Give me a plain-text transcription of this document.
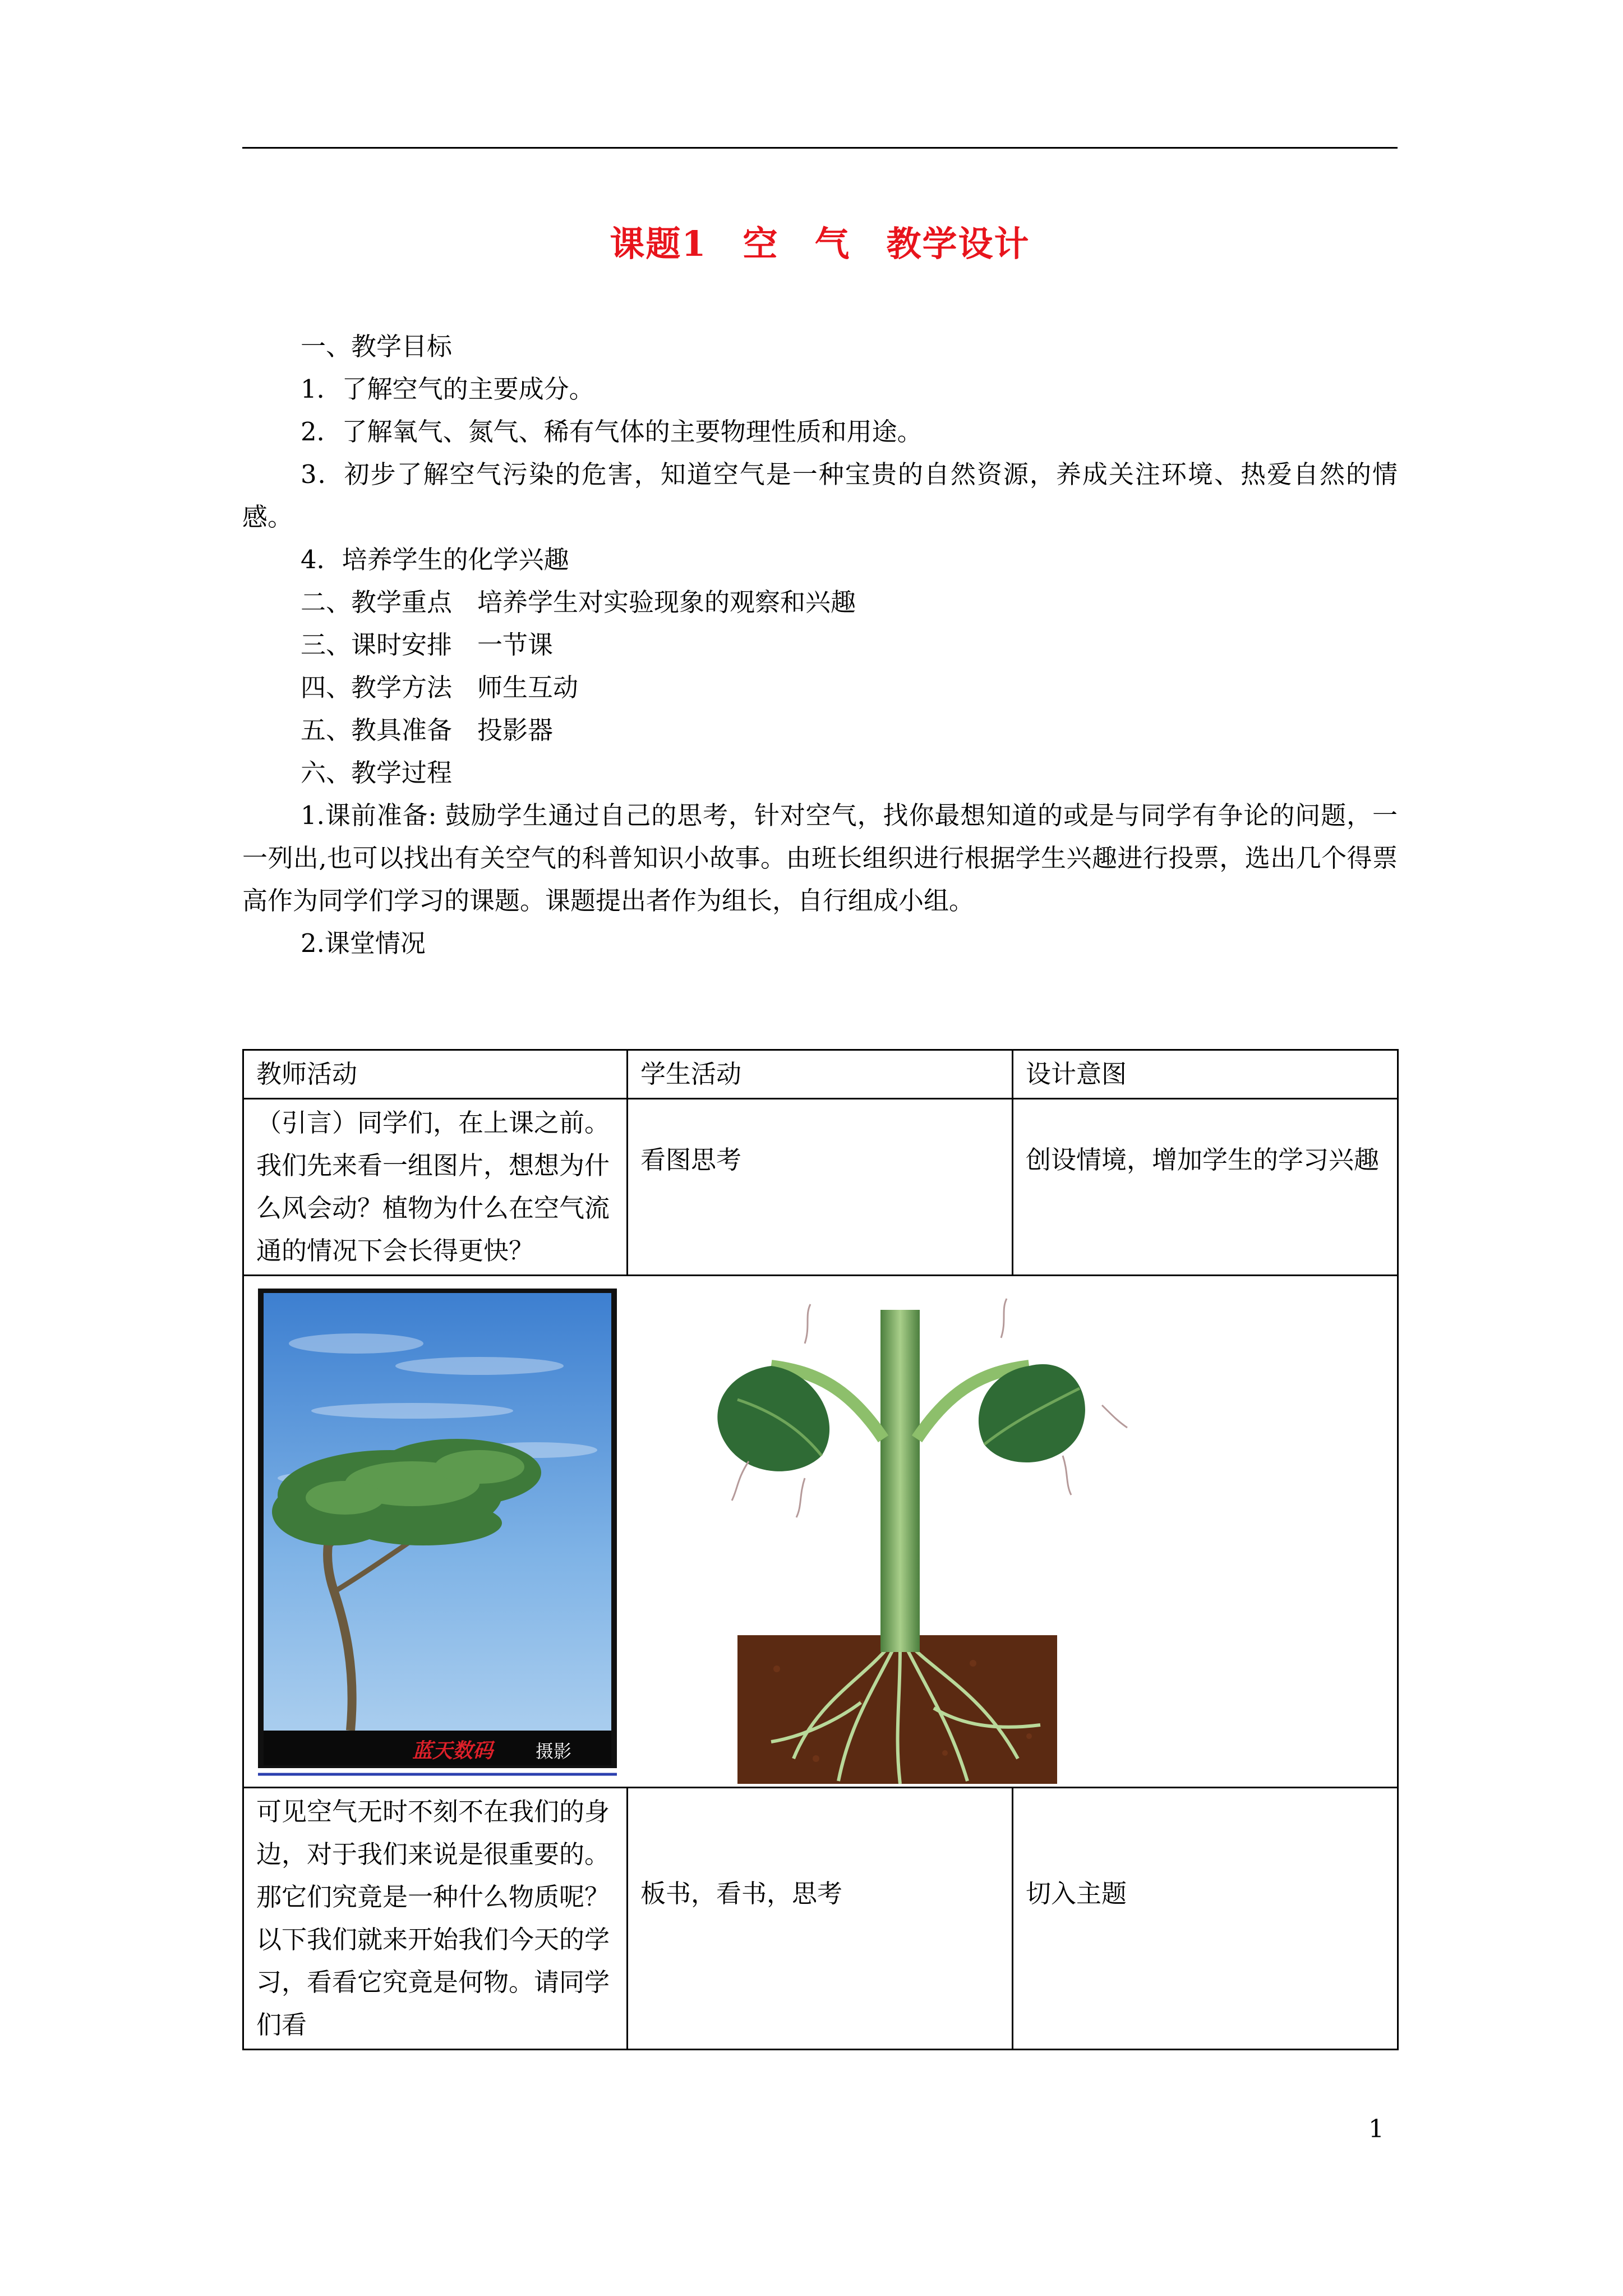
课题1　空　气　教学设计

一、教学目标

1．了解空气的主要成分。

2．了解氧气、氮气、稀有气体的主要物理性质和用途。

3．初步了解空气污染的危害，知道空气是一种宝贵的自然资源，养成关注环境、热爱自然的情感。

4．培养学生的化学兴趣

二、教学重点　培养学生对实验现象的观察和兴趣

三、课时安排　一节课

四、教学方法　师生互动

五、教具准备　投影器

六、教学过程

1.课前准备: 鼓励学生通过自己的思考，针对空气，找你最想知道的或是与同学有争论的问题，一一列出,也可以找出有关空气的科普知识小故事。由班长组织进行根据学生兴趣进行投票，选出几个得票高作为同学们学习的课题。课题提出者作为组长，自行组成小组。

2.课堂情况

教师活动	学生活动	设计意图
（引言）同学们，在上课之前。我们先来看一组图片，想想为什么风会动？植物为什么在空气流通的情况下会长得更快？	看图思考	创设情境，增加学生的学习兴趣

蓝天数码 摄影		

可见空气无时不刻不在我们的身边，对于我们来说是很重要的。那它们究竟是一种什么物质呢？以下我们就来开始我们今天的学习，看看它究竟是何物。请同学们看	板书，看书，思考	切入主题
1
